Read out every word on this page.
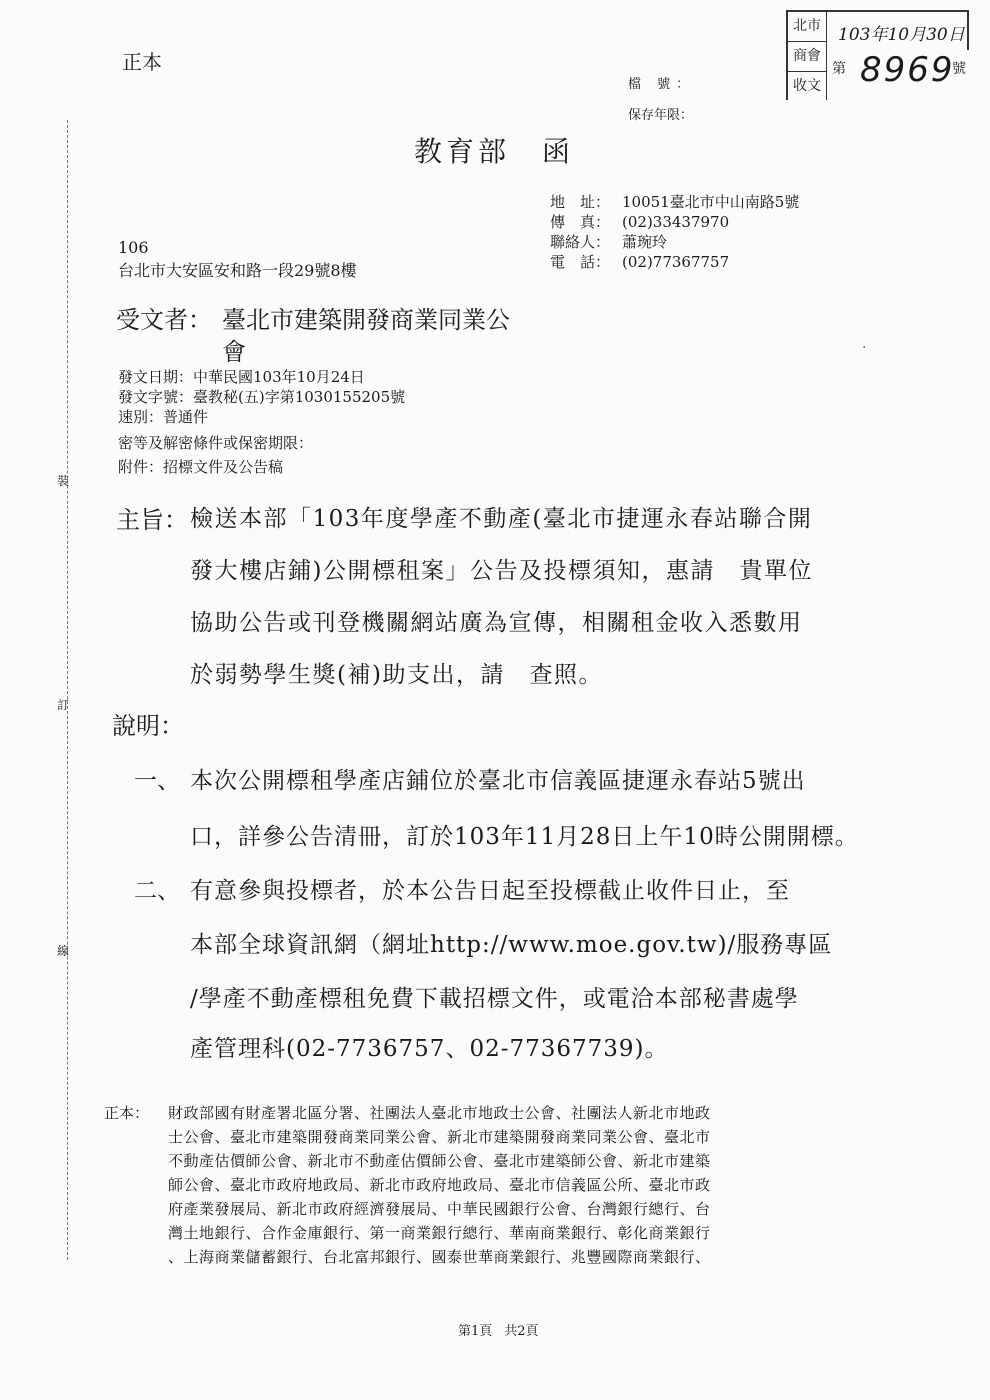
正本
北市
商會
收文
103年10月30日
第 8969
號
檔 號：
保存年限：
教育部　函
地　址： 10051臺北市中山南路5號
傳　真： (02)33437970
聯絡人： 蕭琬玲
電　話： (02)77367757
106
台北市大安區安和路一段29號8樓
受文者： 臺北市建築開發商業同業公
會
發文日期：中華民國103年10月24日
發文字號：臺教秘(五)字第1030155205號
速別：普通件
密等及解密條件或保密期限：
附件：招標文件及公告稿
裝
訂
線
·
主旨： 檢送本部「103年度學產不動產(臺北市捷運永春站聯合開
發大樓店鋪)公開標租案」公告及投標須知，惠請　貴單位
協助公告或刊登機關網站廣為宣傳，相關租金收入悉數用
於弱勢學生獎(補)助支出，請　查照。
說明：
一、 本次公開標租學產店鋪位於臺北市信義區捷運永春站5號出
口，詳參公告清冊，訂於103年11月28日上午10時公開開標。
二、 有意參與投標者，於本公告日起至投標截止收件日止，至
本部全球資訊網（網址http://www.moe.gov.tw)/服務專區
/學產不動產標租免費下載招標文件，或電洽本部秘書處學
產管理科(02-7736757、02-77367739)。
正本： 財政部國有財產署北區分署、社團法人臺北市地政士公會、社團法人新北市地政
士公會、臺北市建築開發商業同業公會、新北市建築開發商業同業公會、臺北市
不動產估價師公會、新北市不動產估價師公會、臺北市建築師公會、新北市建築
師公會、臺北市政府地政局、新北市政府地政局、臺北市信義區公所、臺北市政
府產業發展局、新北市政府經濟發展局、中華民國銀行公會、台灣銀行總行、台
灣土地銀行、合作金庫銀行、第一商業銀行總行、華南商業銀行、彰化商業銀行
、上海商業儲蓄銀行、台北富邦銀行、國泰世華商業銀行、兆豐國際商業銀行、
第1頁 共2頁
